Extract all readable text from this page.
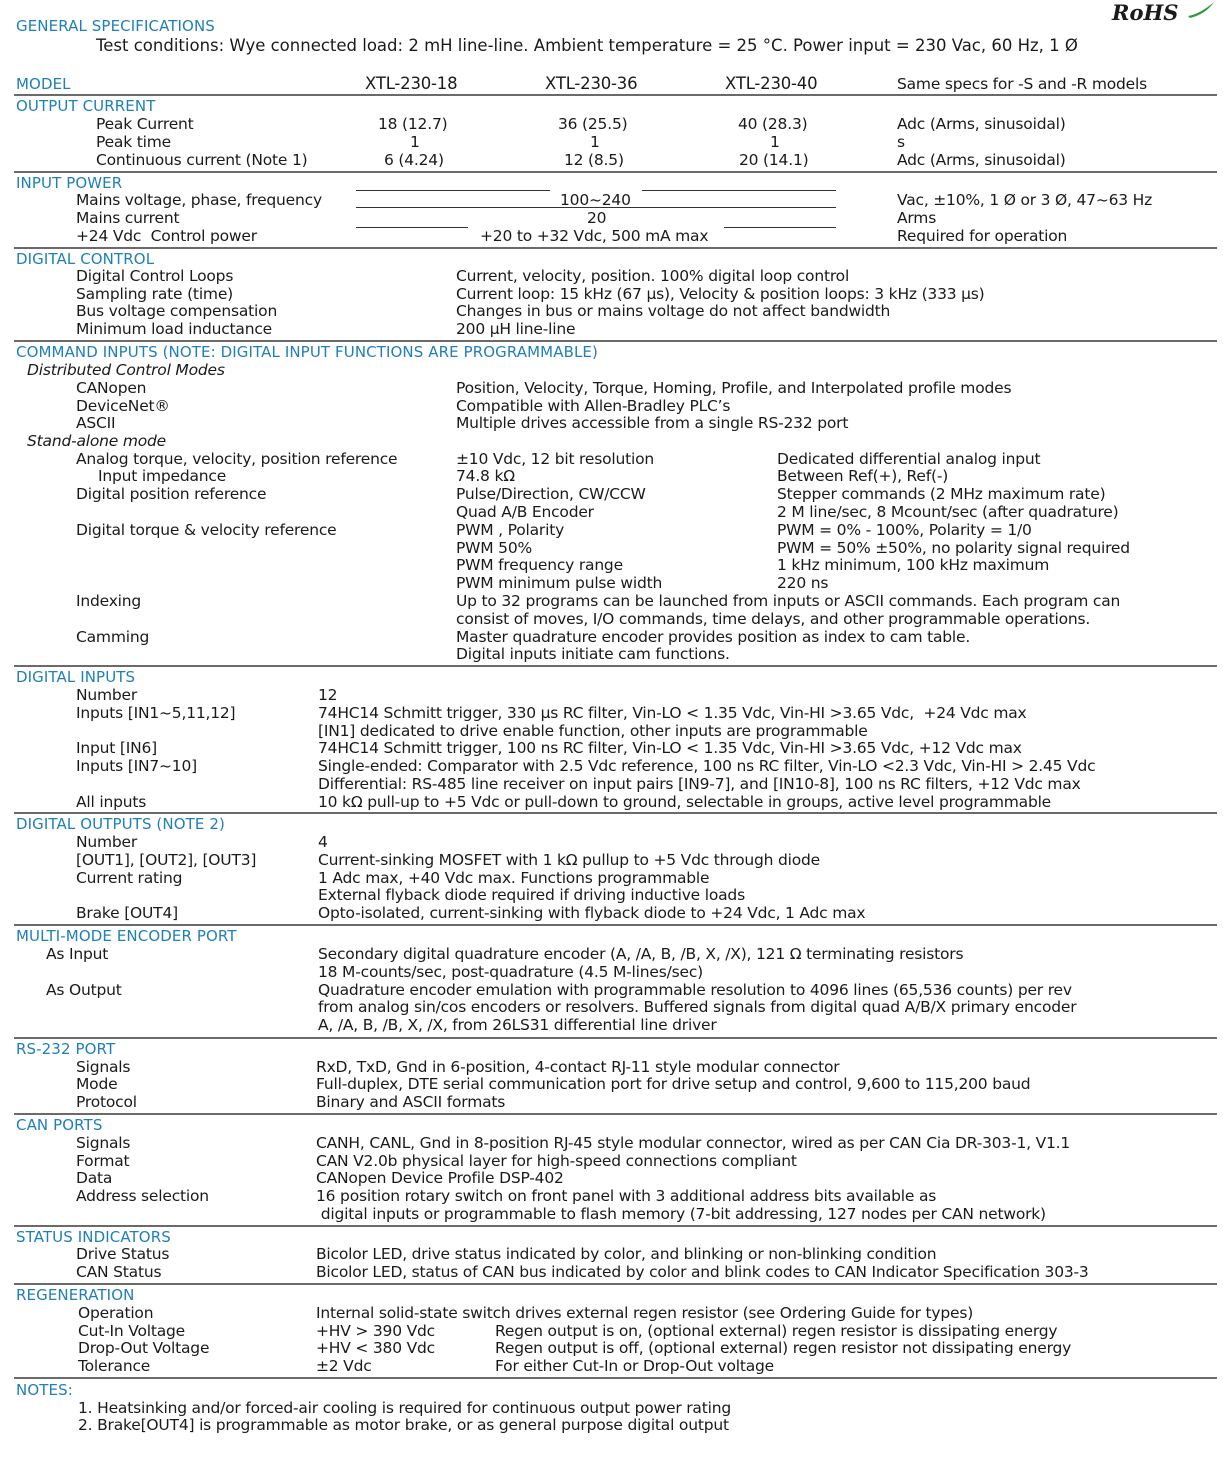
RoHS
GENERAL SPECIFICATIONS
Test conditions: Wye connected load: 2 mH line-line. Ambient temperature = 25 °C. Power input = 230 Vac, 60 Hz, 1 Ø
MODEL	XTL-230-18	XTL-230-36	XTL-230-40	Same specs for -S and -R models
OUTPUT CURRENT
Peak Current	18 (12.7)	36 (25.5)	40 (28.3)	Adc (Arms, sinusoidal)
Peak time	1	1	1	s
Continuous current (Note 1)	6 (4.24)	12 (8.5)	20 (14.1)	Adc (Arms, sinusoidal)
INPUT POWER
Mains voltage, phase, frequency	100~240	Vac, ±10%, 1 Ø or 3 Ø, 47~63 Hz
Mains current	20	Arms
+24 Vdc  Control power	+20 to +32 Vdc, 500 mA max	Required for operation
DIGITAL CONTROL
Digital Control Loops	Current, velocity, position. 100% digital loop control
Sampling rate (time)	Current loop: 15 kHz (67 µs), Velocity & position loops: 3 kHz (333 µs)
Bus voltage compensation	Changes in bus or mains voltage do not affect bandwidth
Minimum load inductance	200 µH line-line
COMMAND INPUTS (NOTE: DIGITAL INPUT FUNCTIONS ARE PROGRAMMABLE)
Distributed Control Modes
CANopen	Position, Velocity, Torque, Homing, Profile, and Interpolated profile modes
DeviceNet®	Compatible with Allen-Bradley PLC’s
ASCII	Multiple drives accessible from a single RS-232 port
Stand-alone mode
Analog torque, velocity, position reference	±10 Vdc, 12 bit resolution	Dedicated differential analog input
Input impedance	74.8 kΩ	Between Ref(+), Ref(-)
Digital position reference	Pulse/Direction, CW/CCW	Stepper commands (2 MHz maximum rate)
Quad A/B Encoder	2 M line/sec, 8 Mcount/sec (after quadrature)
Digital torque & velocity reference	PWM , Polarity	PWM = 0% - 100%, Polarity = 1/0
PWM 50%	PWM = 50% ±50%, no polarity signal required
PWM frequency range	1 kHz minimum, 100 kHz maximum
PWM minimum pulse width	220 ns
Indexing	Up to 32 programs can be launched from inputs or ASCII commands. Each program can
consist of moves, I/O commands, time delays, and other programmable operations.
Camming	Master quadrature encoder provides position as index to cam table.
Digital inputs initiate cam functions.
DIGITAL INPUTS
Number	12
Inputs [IN1~5,11,12]	74HC14 Schmitt trigger, 330 µs RC filter, Vin-LO < 1.35 Vdc, Vin-HI >3.65 Vdc,  +24 Vdc max
[IN1] dedicated to drive enable function, other inputs are programmable
Input [IN6]	74HC14 Schmitt trigger, 100 ns RC filter, Vin-LO < 1.35 Vdc, Vin-HI >3.65 Vdc, +12 Vdc max
Inputs [IN7~10]	Single-ended: Comparator with 2.5 Vdc reference, 100 ns RC filter, Vin-LO <2.3 Vdc, Vin-HI > 2.45 Vdc
Differential: RS-485 line receiver on input pairs [IN9-7], and [IN10-8], 100 ns RC filters, +12 Vdc max
All inputs	10 kΩ pull-up to +5 Vdc or pull-down to ground, selectable in groups, active level programmable
DIGITAL OUTPUTS (NOTE 2)
Number	4
[OUT1], [OUT2], [OUT3]	Current-sinking MOSFET with 1 kΩ pullup to +5 Vdc through diode
Current rating	1 Adc max, +40 Vdc max. Functions programmable
External flyback diode required if driving inductive loads
Brake [OUT4]	Opto-isolated, current-sinking with flyback diode to +24 Vdc, 1 Adc max
MULTI-MODE ENCODER PORT
As Input	Secondary digital quadrature encoder (A, /A, B, /B, X, /X), 121 Ω terminating resistors
18 M-counts/sec, post-quadrature (4.5 M-lines/sec)
As Output	Quadrature encoder emulation with programmable resolution to 4096 lines (65,536 counts) per rev
from analog sin/cos encoders or resolvers. Buffered signals from digital quad A/B/X primary encoder
A, /A, B, /B, X, /X, from 26LS31 differential line driver
RS-232 PORT
Signals	RxD, TxD, Gnd in 6-position, 4-contact RJ-11 style modular connector
Mode	Full-duplex, DTE serial communication port for drive setup and control, 9,600 to 115,200 baud
Protocol	Binary and ASCII formats
CAN PORTS
Signals	CANH, CANL, Gnd in 8-position RJ-45 style modular connector, wired as per CAN Cia DR-303-1, V1.1
Format	CAN V2.0b physical layer for high-speed connections compliant
Data	CANopen Device Profile DSP-402
Address selection	16 position rotary switch on front panel with 3 additional address bits available as
digital inputs or programmable to flash memory (7-bit addressing, 127 nodes per CAN network)
STATUS INDICATORS
Drive Status	Bicolor LED, drive status indicated by color, and blinking or non-blinking condition
CAN Status	Bicolor LED, status of CAN bus indicated by color and blink codes to CAN Indicator Specification 303-3
REGENERATION
Operation	Internal solid-state switch drives external regen resistor (see Ordering Guide for types)
Cut-In Voltage	+HV > 390 Vdc	Regen output is on, (optional external) regen resistor is dissipating energy
Drop-Out Voltage	+HV < 380 Vdc	Regen output is off, (optional external) regen resistor not dissipating energy
Tolerance	±2 Vdc	For either Cut-In or Drop-Out voltage
NOTES:
1. Heatsinking and/or forced-air cooling is required for continuous output power rating
2. Brake[OUT4] is programmable as motor brake, or as general purpose digital output
